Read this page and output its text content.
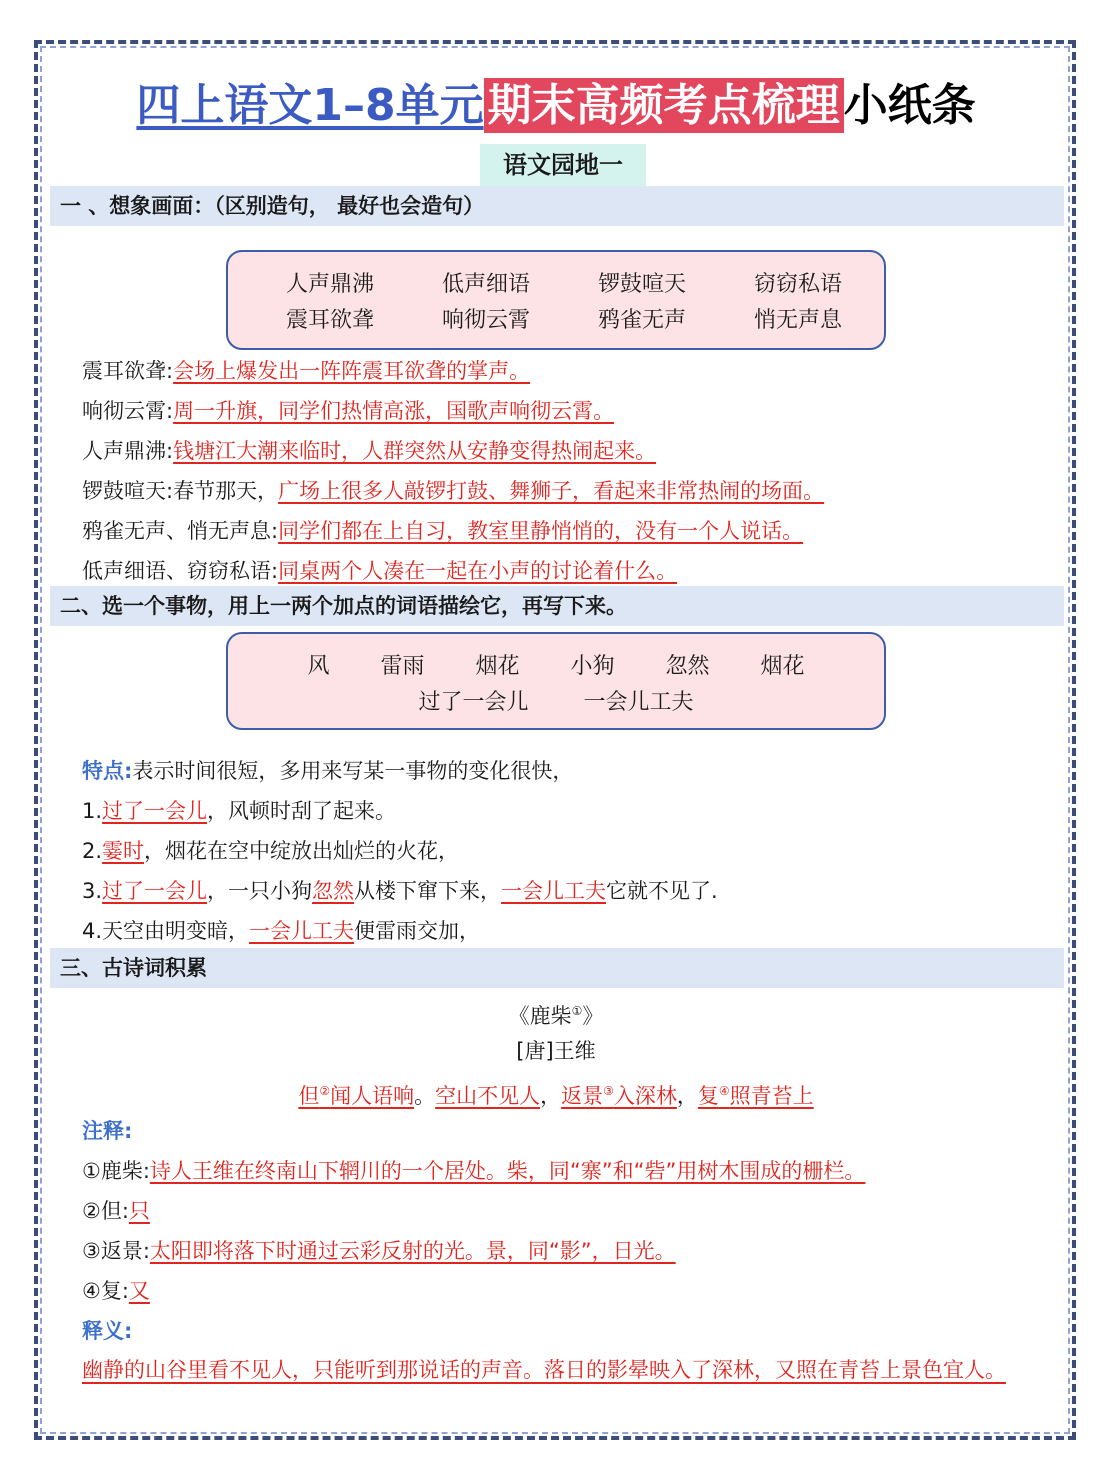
四上语文1–8单元期末高频考点梳理小纸条
语文园地一
一 、想象画面：（区别造句， 最好也会造句）
人声鼎沸	低声细语	锣鼓喧天	窃窃私语
震耳欲聋	响彻云霄	鸦雀无声	悄无声息
震耳欲聋:会场上爆发出一阵阵震耳欲聋的掌声。
响彻云霄:周一升旗，同学们热情高涨，国歌声响彻云霄。
人声鼎沸:钱塘江大潮来临时，人群突然从安静变得热闹起来。
锣鼓喧天:春节那天，广场上很多人敲锣打鼓、舞狮子，看起来非常热闹的场面。
鸦雀无声、悄无声息:同学们都在上自习，教室里静悄悄的，没有一个人说话。
低声细语、窃窃私语:同桌两个人凑在一起在小声的讨论着什么。
二、选一个事物，用上一两个加点的词语描绘它，再写下来。
风 雷雨 烟花 小狗 忽然 烟花
过了一会儿	一会儿工夫
特点:表示时间很短，多用来写某一事物的变化很快，
1.过了一会儿，风顿时刮了起来。
2.霎时，烟花在空中绽放出灿烂的火花，
3.过了一会儿，一只小狗忽然从楼下窜下来，一会儿工夫它就不见了.
4.天空由明变暗，一会儿工夫便雷雨交加，
三、古诗词积累
《鹿柴①》
[唐]王维
但②闻人语响。空山不见人，返景③入深林，复④照青苔上
注释:
①鹿柴:诗人王维在终南山下辋川的一个居处。柴，同“寨”和“砦”用树木围成的栅栏。
②但:只
③返景:太阳即将落下时通过云彩反射的光。景，同“影”，日光。
④复:又
释义:
幽静的山谷里看不见人，只能听到那说话的声音。落日的影晕映入了深林，又照在青苔上景色宜人。
